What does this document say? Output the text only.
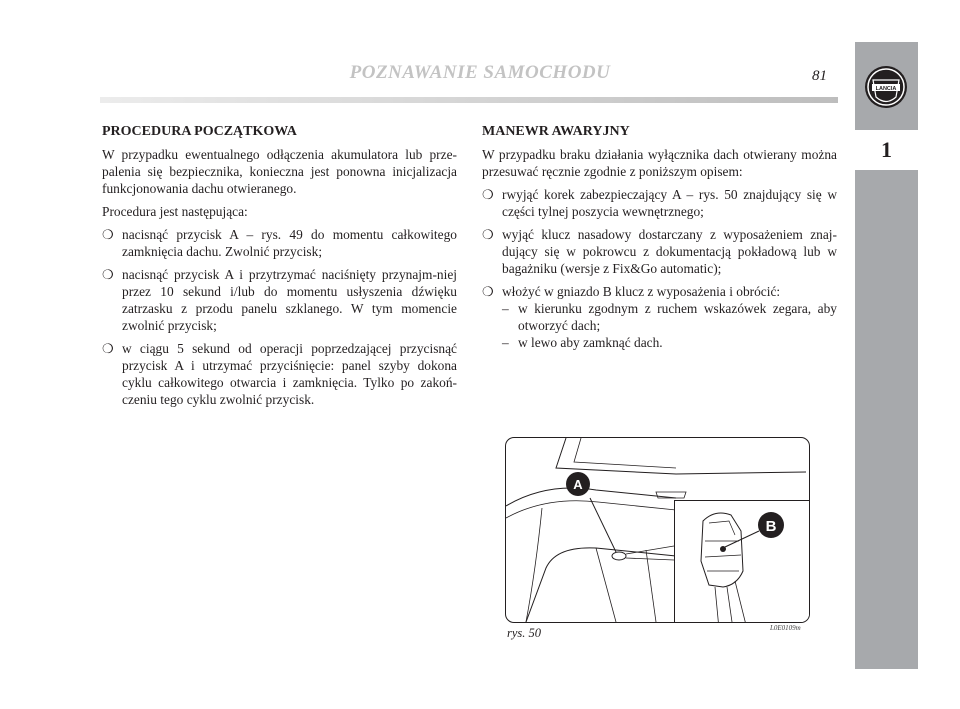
POZNAWANIE SAMOCHODU	81
LANCIA
1
PROCEDURA POCZĄTKOWA

W przypadku ewentualnego odłączenia akumulatora lub prze-palenia się bezpiecznika, konieczna jest ponowna inicjalizacja funkcjonowania dachu otwieranego.

Procedura jest następująca:

❍ nacisnąć przycisk A – rys. 49 do momentu całkowitego zamknięcia dachu. Zwolnić przycisk;
❍ nacisnąć przycisk A i przytrzymać naciśnięty przynajm-niej przez 10 sekund i/lub do momentu usłyszenia dźwięku zatrzasku z przodu panelu szklanego. W tym momencie zwolnić przycisk;
❍ w ciągu 5 sekund od operacji poprzedzającej przycisnąć przycisk A i utrzymać przyciśnięcie: panel szyby dokona cyklu całkowitego otwarcia i zamknięcia. Tylko po zakoń-czeniu tego cyklu zwolnić przycisk.
MANEWR AWARYJNY

W przypadku braku działania wyłącznika dach otwierany można przesuwać ręcznie zgodnie z poniższym opisem:

❍ rwyjąć korek zabezpieczający A – rys. 50 znajdujący się w części tylnej poszycia wewnętrznego;
❍ wyjąć klucz nasadowy dostarczany z wyposażeniem znaj-dujący się w pokrowcu z dokumentacją pokładową lub w bagażniku (wersje z Fix&Go automatic);
❍ włożyć w gniazdo B klucz z wyposażenia i obrócić:
– w kierunku zgodnym z ruchem wskazówek zegara, aby otworzyć dach;
– w lewo aby zamknąć dach.
A
B
rys. 50	L0E0109m
